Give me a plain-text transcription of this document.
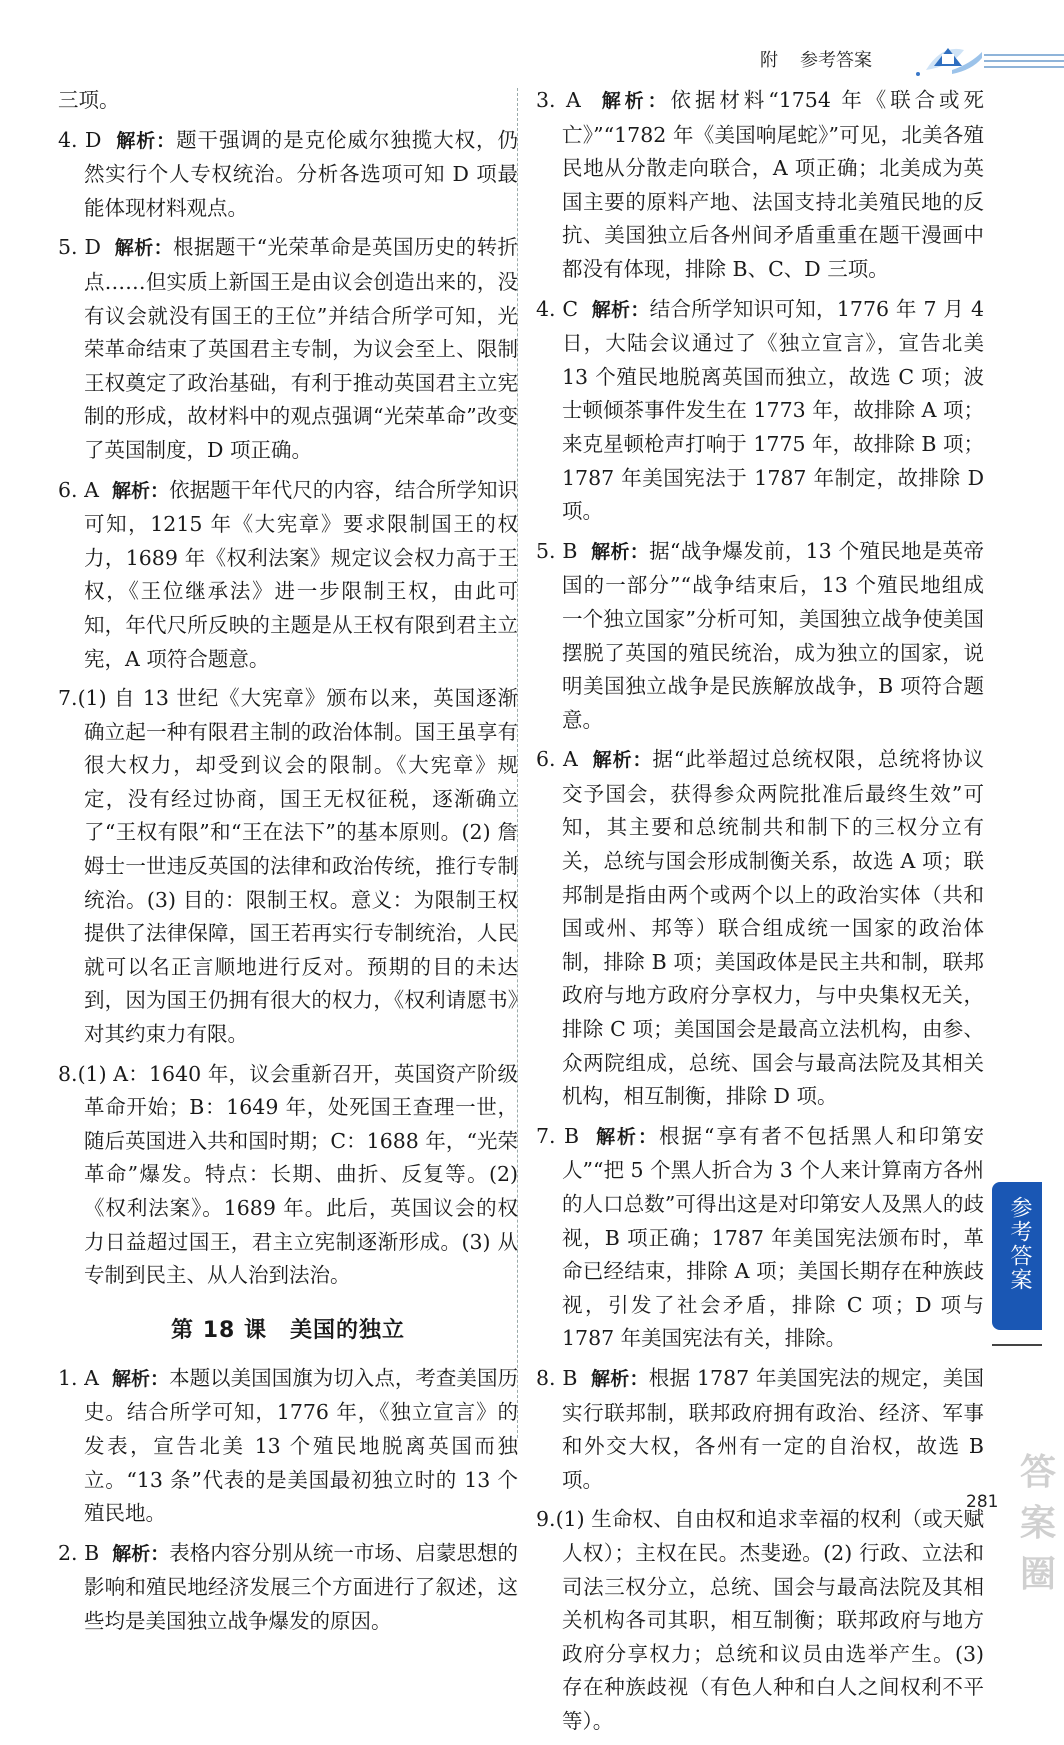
附 参考答案

三项。

4. D 解析：题干强调的是克伦威尔独揽大权，仍然实行个人专权统治。分析各选项可知 D 项最能体现材料观点。

5. D 解析：根据题干“光荣革命是英国历史的转折点……但实质上新国王是由议会创造出来的，没有议会就没有国王的王位”并结合所学可知，光荣革命结束了英国君主专制，为议会至上、限制王权奠定了政治基础，有利于推动英国君主立宪制的形成，故材料中的观点强调“光荣革命”改变了英国制度，D 项正确。

6. A 解析：依据题干年代尺的内容，结合所学知识可知，1215 年《大宪章》要求限制国王的权力，1689 年《权利法案》规定议会权力高于王权，《王位继承法》进一步限制王权，由此可知，年代尺所反映的主题是从王权有限到君主立宪，A 项符合题意。

7.(1) 自 13 世纪《大宪章》颁布以来，英国逐渐确立起一种有限君主制的政治体制。国王虽享有很大权力，却受到议会的限制。《大宪章》规定，没有经过协商，国王无权征税，逐渐确立了“王权有限”和“王在法下”的基本原则。(2) 詹姆士一世违反英国的法律和政治传统，推行专制统治。(3) 目的：限制王权。意义：为限制王权提供了法律保障，国王若再实行专制统治，人民就可以名正言顺地进行反对。预期的目的未达到，因为国王仍拥有很大的权力，《权利请愿书》对其约束力有限。

8.(1) A：1640 年，议会重新召开，英国资产阶级革命开始；B：1649 年，处死国王查理一世，随后英国进入共和国时期；C：1688 年，“光荣革命”爆发。特点：长期、曲折、反复等。(2)《权利法案》。1689 年。此后，英国议会的权力日益超过国王，君主立宪制逐渐形成。(3) 从专制到民主、从人治到法治。

第 18 课　美国的独立

1. A 解析：本题以美国国旗为切入点，考查美国历史。结合所学可知，1776 年，《独立宣言》的发表，宣告北美 13 个殖民地脱离英国而独立。“13 条”代表的是美国最初独立时的 13 个殖民地。

2. B 解析：表格内容分别从统一市场、启蒙思想的影响和殖民地经济发展三个方面进行了叙述，这些均是美国独立战争爆发的原因。

3. A 解析：依据材料“1754 年《联合或死亡》”“1782 年《美国响尾蛇》”可见，北美各殖民地从分散走向联合，A 项正确；北美成为英国主要的原料产地、法国支持北美殖民地的反抗、美国独立后各州间矛盾重重在题干漫画中都没有体现，排除 B、C、D 三项。

4. C 解析：结合所学知识可知，1776 年 7 月 4 日，大陆会议通过了《独立宣言》，宣告北美 13 个殖民地脱离英国而独立，故选 C 项；波士顿倾茶事件发生在 1773 年，故排除 A 项；来克星顿枪声打响于 1775 年，故排除 B 项；1787 年美国宪法于 1787 年制定，故排除 D 项。

5. B 解析：据“战争爆发前，13 个殖民地是英帝国的一部分”“战争结束后，13 个殖民地组成一个独立国家”分析可知，美国独立战争使美国摆脱了英国的殖民统治，成为独立的国家，说明美国独立战争是民族解放战争，B 项符合题意。

6. A 解析：据“此举超过总统权限，总统将协议交予国会，获得参众两院批准后最终生效”可知，其主要和总统制共和制下的三权分立有关，总统与国会形成制衡关系，故选 A 项；联邦制是指由两个或两个以上的政治实体（共和国或州、邦等）联合组成统一国家的政治体制，排除 B 项；美国政体是民主共和制，联邦政府与地方政府分享权力，与中央集权无关，排除 C 项；美国国会是最高立法机构，由参、众两院组成，总统、国会与最高法院及其相关机构，相互制衡，排除 D 项。

7. B 解析：根据“享有者不包括黑人和印第安人”“把 5 个黑人折合为 3 个人来计算南方各州的人口总数”可得出这是对印第安人及黑人的歧视，B 项正确；1787 年美国宪法颁布时，革命已经结束，排除 A 项；美国长期存在种族歧视，引发了社会矛盾，排除 C 项；D 项与 1787 年美国宪法有关，排除。

8. B 解析：根据 1787 年美国宪法的规定，美国实行联邦制，联邦政府拥有政治、经济、军事和外交大权，各州有一定的自治权，故选 B 项。

9.(1) 生命权、自由权和追求幸福的权利（或天赋人权）；主权在民。杰斐逊。(2) 行政、立法和司法三权分立，总统、国会与最高法院及其相关机构各司其职，相互制衡；联邦政府与地方政府分享权力；总统和议员由选举产生。(3) 存在种族歧视（有色人种和白人之间权利不平等）。

参考答案
281
答案圈
